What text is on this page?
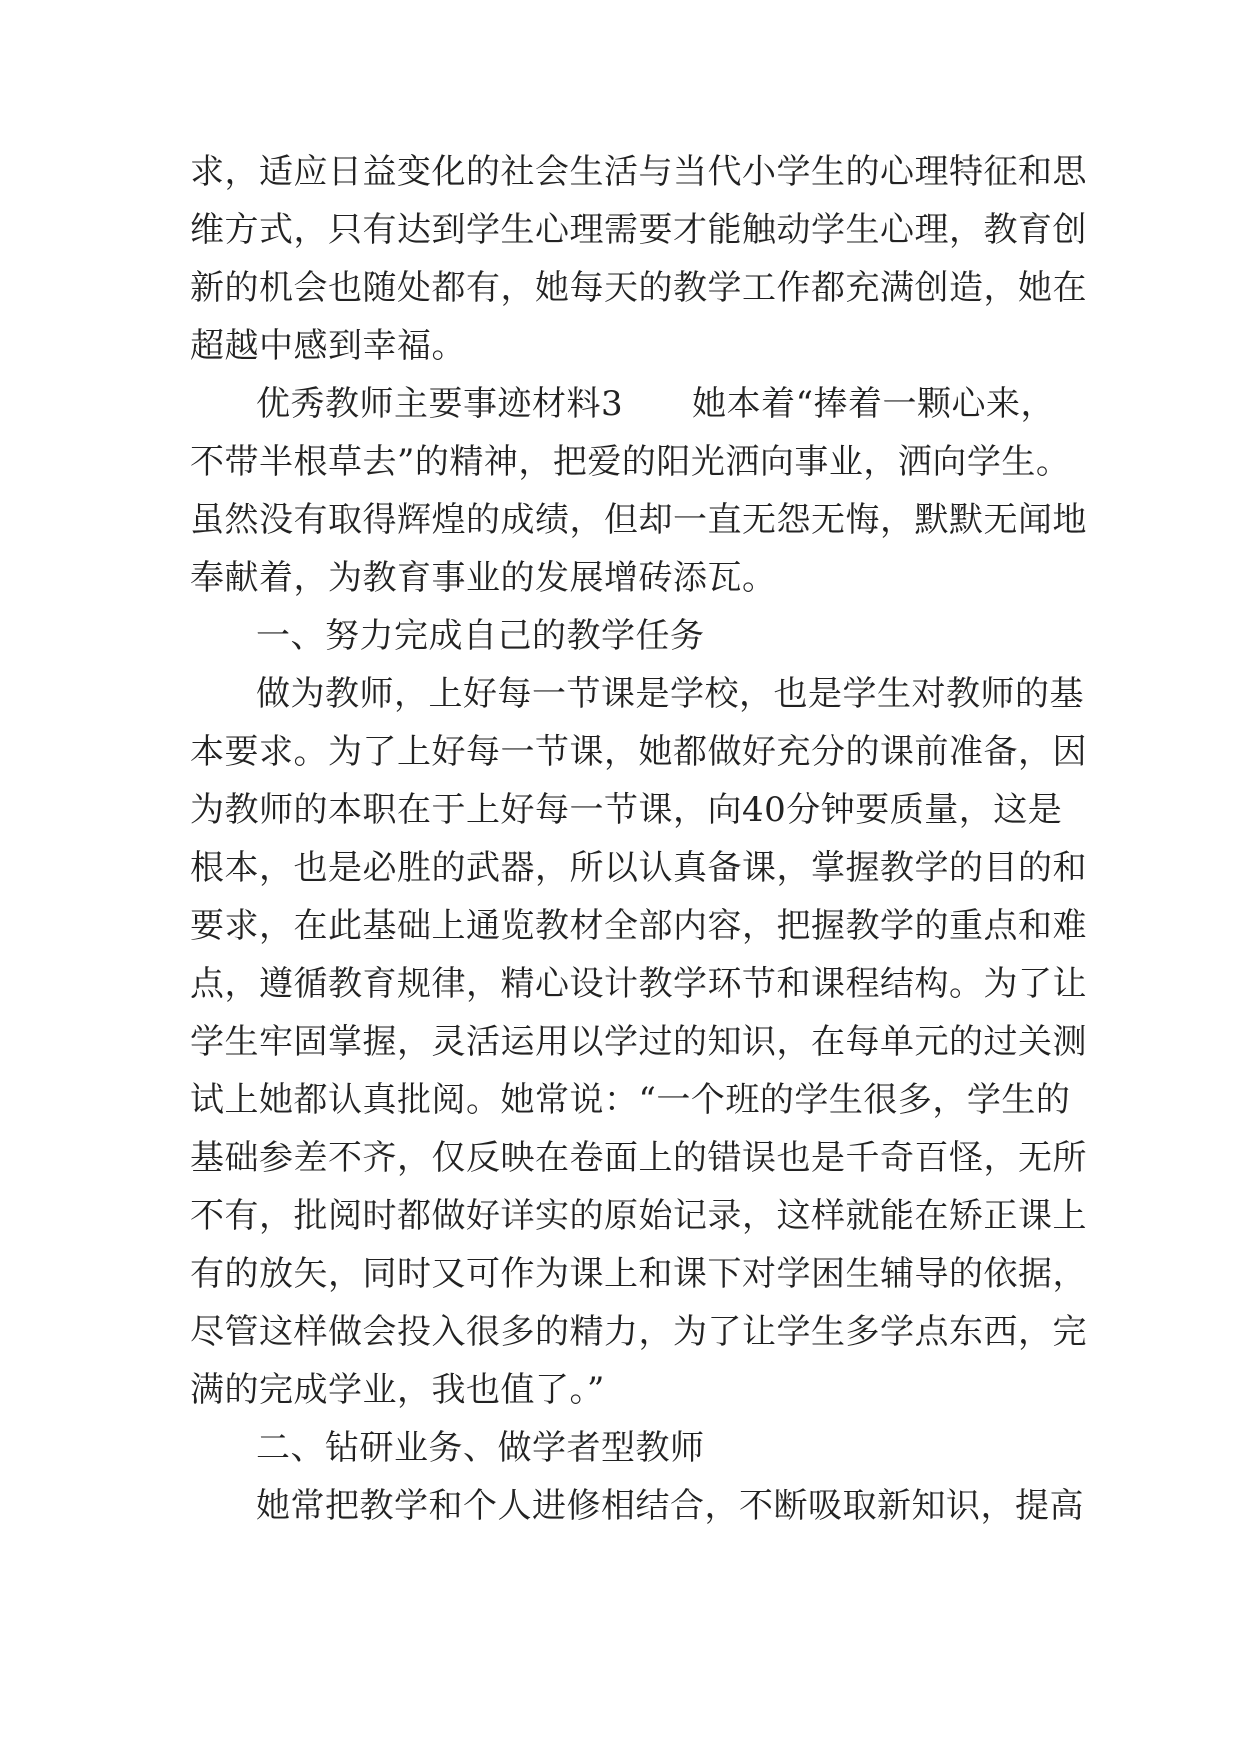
求，适应日益变化的社会生活与当代小学生的心理特征和思
维方式，只有达到学生心理需要才能触动学生心理，教育创
新的机会也随处都有，她每天的教学工作都充满创造，她在
超越中感到幸福。
优秀教师主要事迹材料3　　她本着“捧着一颗心来，
不带半根草去”的精神，把爱的阳光洒向事业，洒向学生。
虽然没有取得辉煌的成绩，但却一直无怨无悔，默默无闻地
奉献着，为教育事业的发展增砖添瓦。
一、努力完成自己的教学任务
做为教师，上好每一节课是学校，也是学生对教师的基
本要求。为了上好每一节课，她都做好充分的课前准备，因
为教师的本职在于上好每一节课，向40分钟要质量，这是
根本，也是必胜的武器，所以认真备课，掌握教学的目的和
要求，在此基础上通览教材全部内容，把握教学的重点和难
点，遵循教育规律，精心设计教学环节和课程结构。为了让
学生牢固掌握，灵活运用以学过的知识，在每单元的过关测
试上她都认真批阅。她常说：“一个班的学生很多，学生的
基础参差不齐，仅反映在卷面上的错误也是千奇百怪，无所
不有，批阅时都做好详实的原始记录，这样就能在矫正课上
有的放矢，同时又可作为课上和课下对学困生辅导的依据，
尽管这样做会投入很多的精力，为了让学生多学点东西，完
满的完成学业，我也值了。”
二、钻研业务、做学者型教师
她常把教学和个人进修相结合，不断吸取新知识，提高
